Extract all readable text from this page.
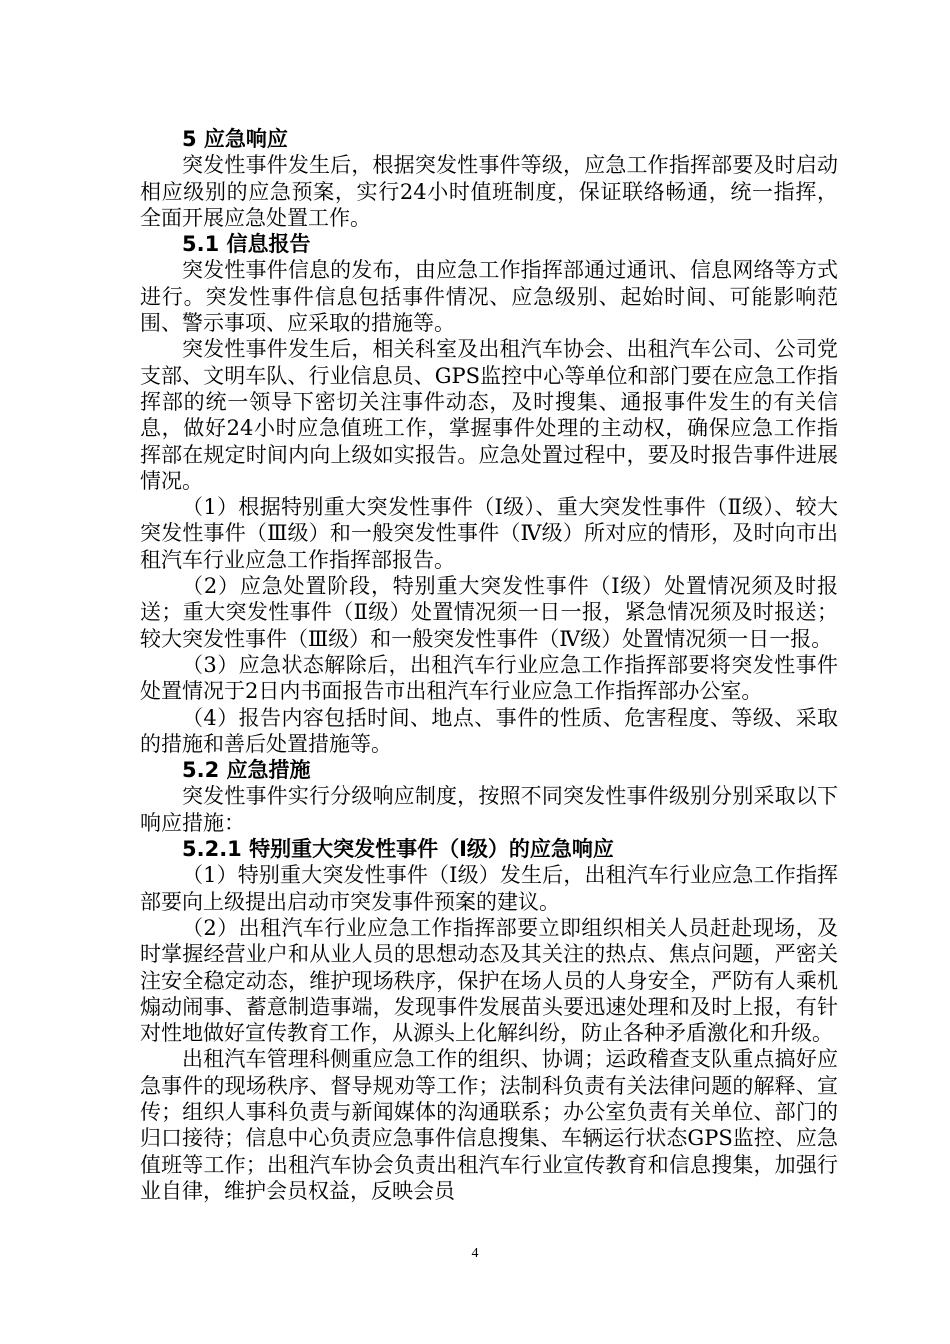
5 应急响应

突发性事件发生后，根据突发性事件等级，应急工作指挥部要及时启动相应级别的应急预案，实行24小时值班制度，保证联络畅通，统一指挥，全面开展应急处置工作。

5.1 信息报告

突发性事件信息的发布，由应急工作指挥部通过通讯、信息网络等方式进行。突发性事件信息包括事件情况、应急级别、起始时间、可能影响范围、警示事项、应采取的措施等。

突发性事件发生后，相关科室及出租汽车协会、出租汽车公司、公司党支部、文明车队、行业信息员、GPS监控中心等单位和部门要在应急工作指挥部的统一领导下密切关注事件动态，及时搜集、通报事件发生的有关信息，做好24小时应急值班工作，掌握事件处理的主动权，确保应急工作指挥部在规定时间内向上级如实报告。应急处置过程中，要及时报告事件进展情况。

（1）根据特别重大突发性事件（Ⅰ级）、重大突发性事件（Ⅱ级）、较大突发性事件（Ⅲ级）和一般突发性事件（Ⅳ级）所对应的情形，及时向市出租汽车行业应急工作指挥部报告。

（2）应急处置阶段，特别重大突发性事件（Ⅰ级）处置情况须及时报送；重大突发性事件（Ⅱ级）处置情况须一日一报，紧急情况须及时报送；较大突发性事件（Ⅲ级）和一般突发性事件（Ⅳ级）处置情况须一日一报。

（3）应急状态解除后，出租汽车行业应急工作指挥部要将突发性事件处置情况于2日内书面报告市出租汽车行业应急工作指挥部办公室。

（4）报告内容包括时间、地点、事件的性质、危害程度、等级、采取的措施和善后处置措施等。

5.2 应急措施

突发性事件实行分级响应制度，按照不同突发性事件级别分别采取以下响应措施：

5.2.1 特别重大突发性事件（Ⅰ级）的应急响应

（1）特别重大突发性事件（Ⅰ级）发生后，出租汽车行业应急工作指挥部要向上级提出启动市突发事件预案的建议。

（2）出租汽车行业应急工作指挥部要立即组织相关人员赶赴现场，及时掌握经营业户和从业人员的思想动态及其关注的热点、焦点问题，严密关注安全稳定动态，维护现场秩序，保护在场人员的人身安全，严防有人乘机煽动闹事、蓄意制造事端，发现事件发展苗头要迅速处理和及时上报，有针对性地做好宣传教育工作，从源头上化解纠纷，防止各种矛盾激化和升级。

出租汽车管理科侧重应急工作的组织、协调；运政稽查支队重点搞好应急事件的现场秩序、督导规劝等工作；法制科负责有关法律问题的解释、宣传；组织人事科负责与新闻媒体的沟通联系；办公室负责有关单位、部门的归口接待；信息中心负责应急事件信息搜集、车辆运行状态GPS监控、应急值班等工作；出租汽车协会负责出租汽车行业宣传教育和信息搜集，加强行业自律，维护会员权益，反映会员

4
